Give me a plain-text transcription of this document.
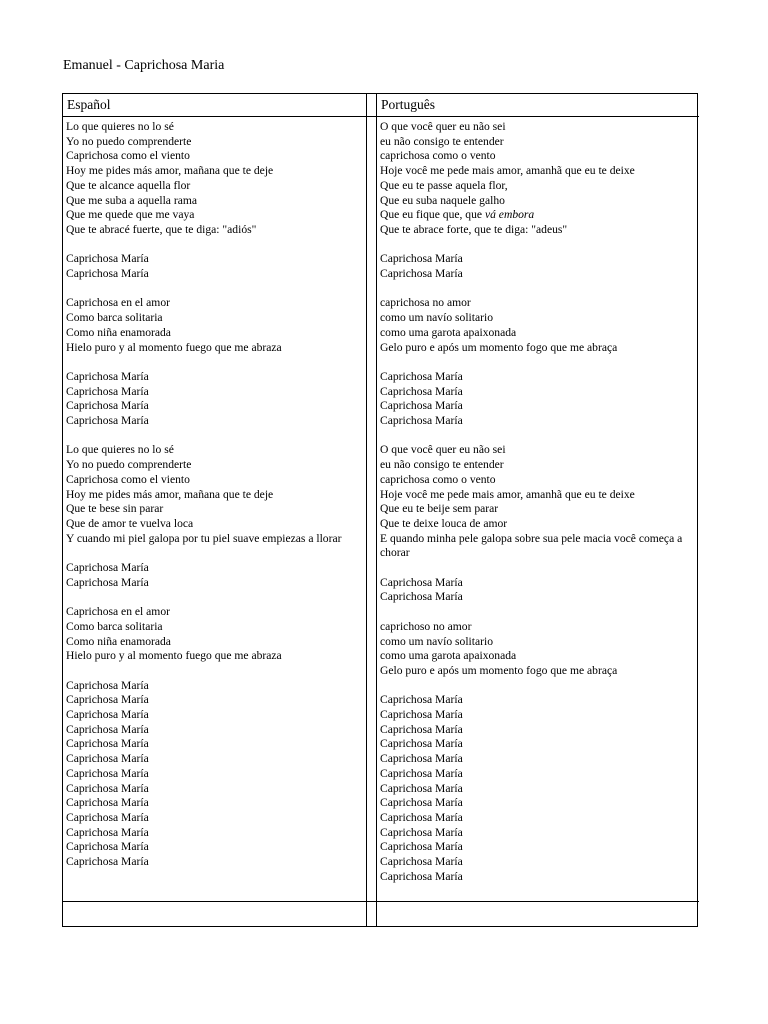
Emanuel - Caprichosa Maria
Español	Português
Lo que quieres no lo sé
Yo no puedo comprenderte
Caprichosa como el viento
Hoy me pides más amor, mañana que te deje
Que te alcance aquella flor
Que me suba a aquella rama
Que me quede que me vaya
Que te abracé fuerte, que te diga: "adiós"
Caprichosa María
Caprichosa María
Caprichosa en el amor
Como barca solitaria
Como niña enamorada
Hielo puro y al momento fuego que me abraza
Caprichosa María
Caprichosa María
Caprichosa María
Caprichosa María
Lo que quieres no lo sé
Yo no puedo comprenderte
Caprichosa como el viento
Hoy me pides más amor, mañana que te deje
Que te bese sin parar
Que de amor te vuelva loca
Y cuando mi piel galopa por tu piel suave empiezas a llorar
Caprichosa María
Caprichosa María
Caprichosa en el amor
Como barca solitaria
Como niña enamorada
Hielo puro y al momento fuego que me abraza
Caprichosa María
Caprichosa María
Caprichosa María
Caprichosa María
Caprichosa María
Caprichosa María
Caprichosa María
Caprichosa María
Caprichosa María
Caprichosa María
Caprichosa María
Caprichosa María
Caprichosa María
O que você quer eu não sei
eu não consigo te entender
caprichosa como o vento
Hoje você me pede mais amor, amanhã que eu te deixe
Que eu te passe aquela flor,
Que eu suba naquele galho
Que eu fique que, que vá embora
Que te abrace forte, que te diga: "adeus"
Caprichosa María
Caprichosa María
caprichosa no amor
como um navío solitario
como uma garota apaixonada
Gelo puro e após um momento fogo que me abraça
Caprichosa María
Caprichosa María
Caprichosa María
Caprichosa María
O que você quer eu não sei
eu não consigo te entender
caprichosa como o vento
Hoje você me pede mais amor, amanhã que eu te deixe
Que eu te beije sem parar
Que te deixe louca de amor
E quando minha pele galopa sobre sua pele macia você começa a chorar
Caprichosa María
Caprichosa María
caprichoso no amor
como um navío solitario
como uma garota apaixonada
Gelo puro e após um momento fogo que me abraça
Caprichosa María
Caprichosa María
Caprichosa María
Caprichosa María
Caprichosa María
Caprichosa María
Caprichosa María
Caprichosa María
Caprichosa María
Caprichosa María
Caprichosa María
Caprichosa María
Caprichosa María
